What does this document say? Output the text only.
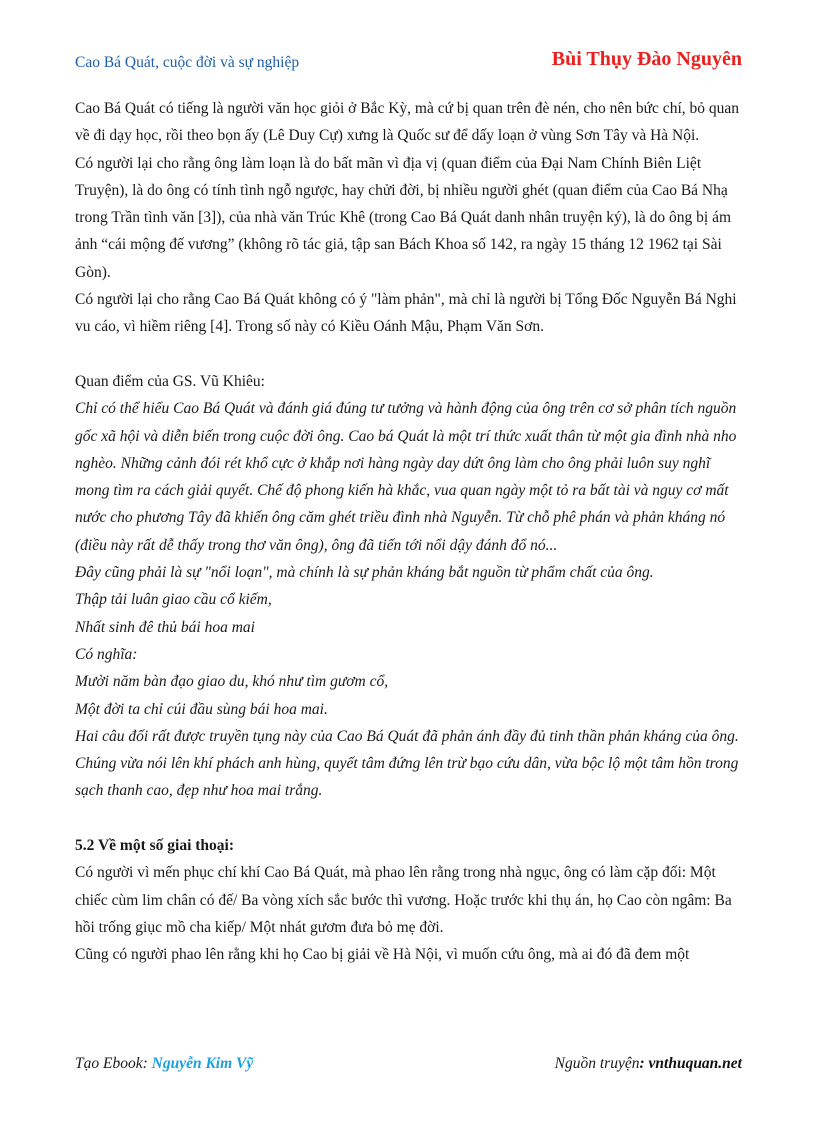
Cao Bá Quát, cuộc đời và sự nghiệp	Bùi Thụy Đào Nguyên

Cao Bá Quát có tiếng là người văn học giỏi ở Bắc Kỳ, mà cứ bị quan trên đè nén, cho nên bức chí, bỏ quan về đi dạy học, rồi theo bọn ấy (Lê Duy Cự) xưng là Quốc sư để dấy loạn ở vùng Sơn Tây và Hà Nội.

Có người lại cho rằng ông làm loạn là do bất mãn vì địa vị (quan điểm của Đại Nam Chính Biên Liệt Truyện), là do ông có tính tình ngỗ ngược, hay chửi đời, bị nhiều người ghét (quan điểm của Cao Bá Nhạ trong Trần tình văn [3]), của nhà văn Trúc Khê (trong Cao Bá Quát danh nhân truyện ký), là do ông bị ám ảnh “cái mộng đế vương” (không rõ tác giả, tập san Bách Khoa số 142, ra ngày 15 tháng 12 1962 tại Sài Gòn).

Có người lại cho rằng Cao Bá Quát không có ý "làm phản", mà chỉ là người bị Tổng Đốc Nguyễn Bá Nghi vu cáo, vì hiềm riêng [4]. Trong số này có Kiều Oánh Mậu, Phạm Văn Sơn.

Quan điểm của GS. Vũ Khiêu:

Chỉ có thể hiểu Cao Bá Quát và đánh giá đúng tư tưởng và hành động của ông trên cơ sở phân tích nguồn gốc xã hội và diễn biến trong cuộc đời ông. Cao bá Quát là một trí thức xuất thân từ một gia đình nhà nho nghèo. Những cảnh đói rét khổ cực ở khắp nơi hàng ngày day dứt ông làm cho ông phải luôn suy nghĩ mong tìm ra cách giải quyết. Chế độ phong kiến hà khắc, vua quan ngày một tỏ ra bất tài và nguy cơ mất nước cho phương Tây đã khiến ông căm ghét triều đình nhà Nguyễn. Từ chỗ phê phán và phản kháng nó (điều này rất dễ thấy trong thơ văn ông), ông đã tiến tới nổi dậy đánh đổ nó...

Đây cũng phải là sự "nổi loạn", mà chính là sự phản kháng bắt nguồn từ phẩm chất của ông.

Thập tải luân giao cầu cổ kiếm,

Nhất sinh đê thủ bái hoa mai

Có nghĩa:

Mười năm bàn đạo giao du, khó như tìm gươm cổ,

Một đời ta chỉ cúi đầu sùng bái hoa mai.

Hai câu đối rất được truyền tụng này của Cao Bá Quát đã phản ánh đầy đủ tinh thần phản kháng của ông. Chúng vừa nói lên khí phách anh hùng, quyết tâm đứng lên trừ bạo cứu dân, vừa bộc lộ một tâm hồn trong sạch thanh cao, đẹp như hoa mai trắng.

5.2 Về một số giai thoại:

Có người vì mến phục chí khí Cao Bá Quát, mà phao lên rằng trong nhà ngục, ông có làm cặp đối: Một chiếc cùm lim chân có đế/ Ba vòng xích sắc bước thì vương. Hoặc trước khi thụ án, họ Cao còn ngâm: Ba hồi trống giục mồ cha kiếp/ Một nhát gươm đưa bỏ mẹ đời.

Cũng có người phao lên rằng khi họ Cao bị giải về Hà Nội, vì muốn cứu ông, mà ai đó đã đem một

Tạo Ebook: Nguyễn Kim Vỹ	Nguồn truyện: vnthuquan.net
